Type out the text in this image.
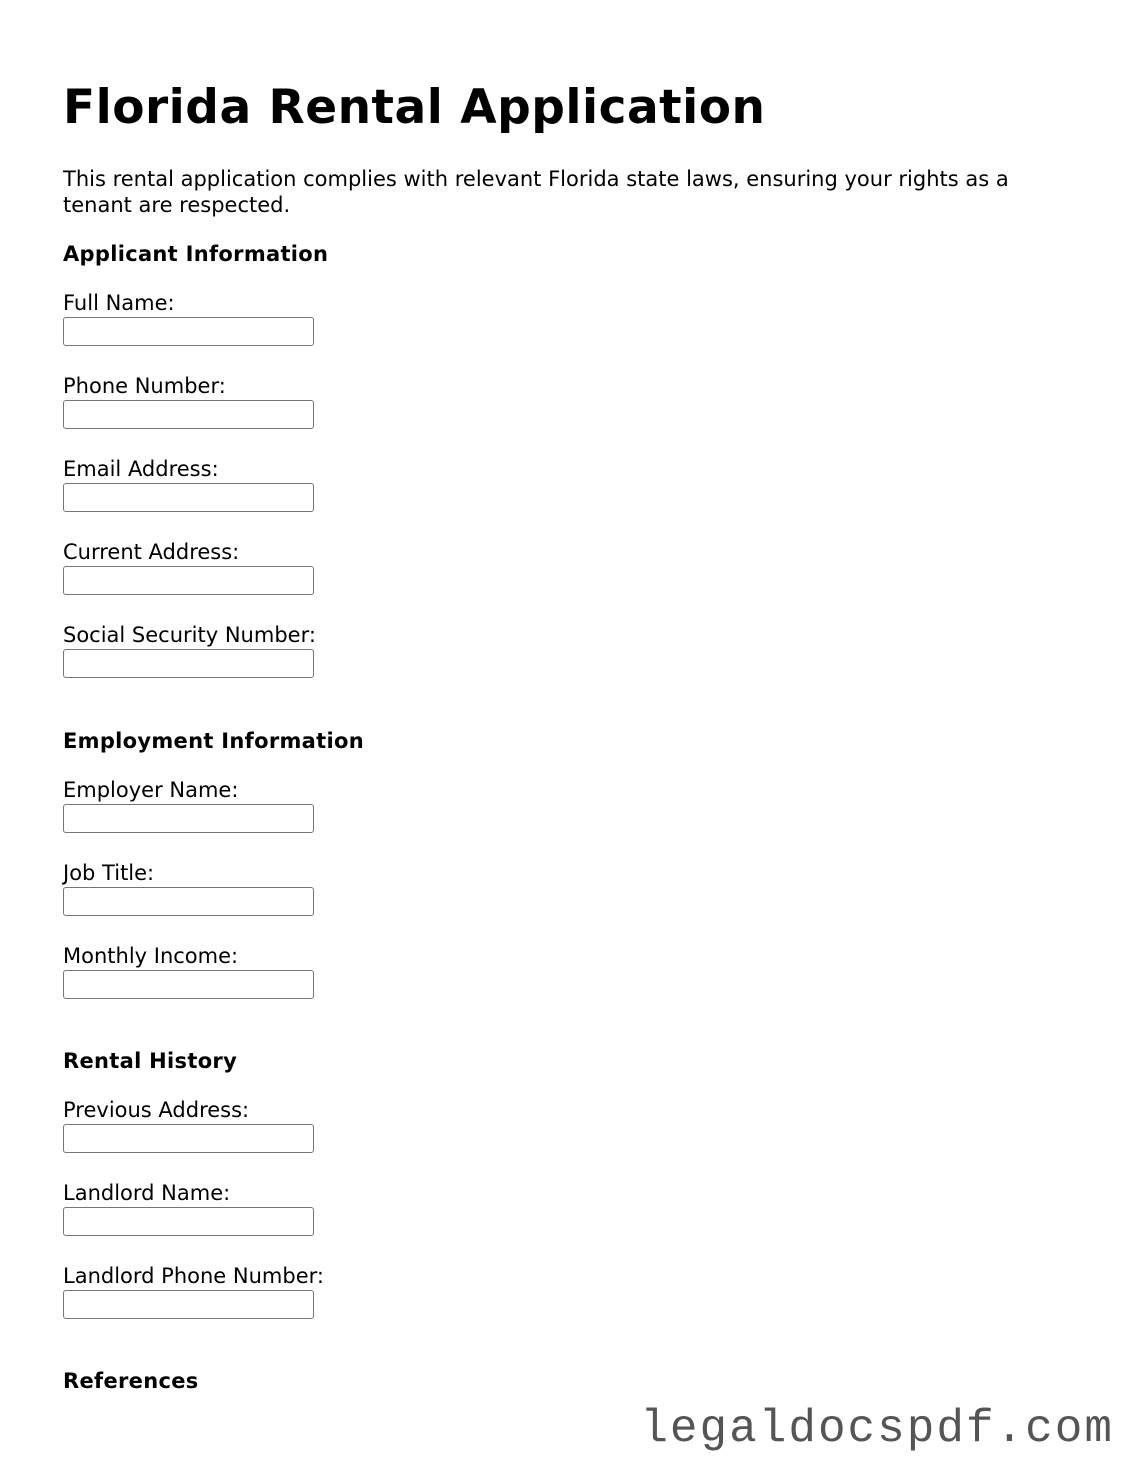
Florida Rental Application

This rental application complies with relevant Florida state laws, ensuring your rights as a tenant are respected.

Applicant Information
Full Name:
Phone Number:
Email Address:
Current Address:
Social Security Number:
Employment Information
Employer Name:
Job Title:
Monthly Income:
Rental History
Previous Address:
Landlord Name:
Landlord Phone Number:
References
legaldocspdf.com
